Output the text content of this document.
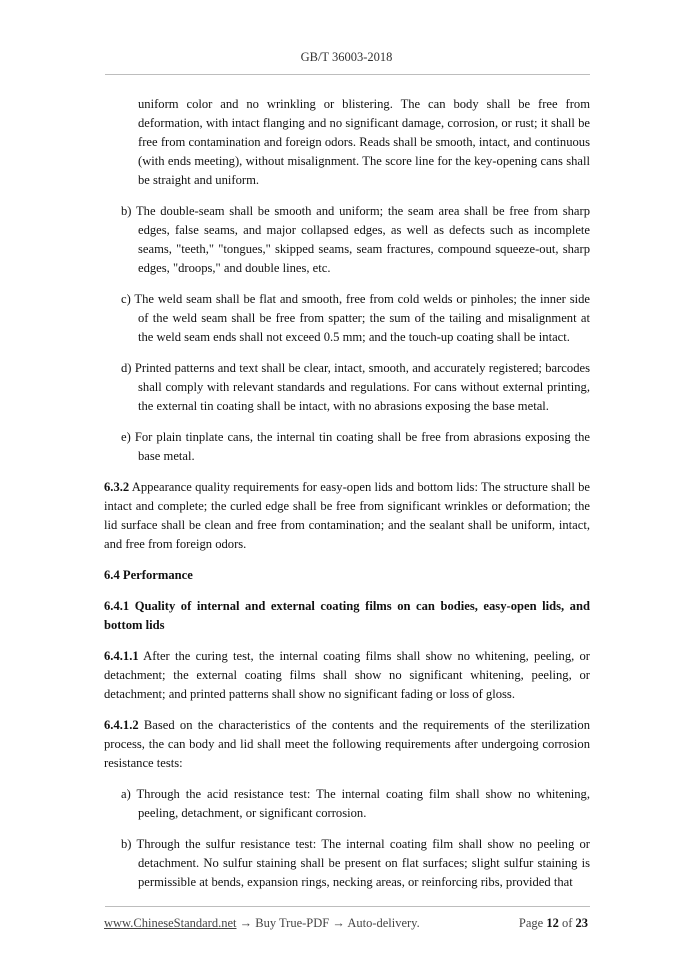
GB/T 36003-2018

uniform color and no wrinkling or blistering. The can body shall be free from deformation, with intact flanging and no significant damage, corrosion, or rust; it shall be free from contamination and foreign odors. Reads shall be smooth, intact, and continuous (with ends meeting), without misalignment. The score line for the key-opening cans shall be straight and uniform.

b) The double-seam shall be smooth and uniform; the seam area shall be free from sharp edges, false seams, and major collapsed edges, as well as defects such as incomplete seams, "teeth," "tongues," skipped seams, seam fractures, compound squeeze-out, sharp edges, "droops," and double lines, etc.

c) The weld seam shall be flat and smooth, free from cold welds or pinholes; the inner side of the weld seam shall be free from spatter; the sum of the tailing and misalignment at the weld seam ends shall not exceed 0.5 mm; and the touch-up coating shall be intact.

d) Printed patterns and text shall be clear, intact, smooth, and accurately registered; barcodes shall comply with relevant standards and regulations. For cans without external printing, the external tin coating shall be intact, with no abrasions exposing the base metal.

e) For plain tinplate cans, the internal tin coating shall be free from abrasions exposing the base metal.

6.3.2 Appearance quality requirements for easy-open lids and bottom lids: The structure shall be intact and complete; the curled edge shall be free from significant wrinkles or deformation; the lid surface shall be clean and free from contamination; and the sealant shall be uniform, intact, and free from foreign odors.

6.4 Performance

6.4.1 Quality of internal and external coating films on can bodies, easy-open lids, and bottom lids

6.4.1.1 After the curing test, the internal coating films shall show no whitening, peeling, or detachment; the external coating films shall show no significant whitening, peeling, or detachment; and printed patterns shall show no significant fading or loss of gloss.

6.4.1.2 Based on the characteristics of the contents and the requirements of the sterilization process, the can body and lid shall meet the following requirements after undergoing corrosion resistance tests:

a) Through the acid resistance test: The internal coating film shall show no whitening, peeling, detachment, or significant corrosion.

b) Through the sulfur resistance test: The internal coating film shall show no peeling or detachment. No sulfur staining shall be present on flat surfaces; slight sulfur staining is permissible at bends, expansion rings, necking areas, or reinforcing ribs, provided that

www.ChineseStandard.net → Buy True-PDF → Auto-delivery.	Page 12 of 23
